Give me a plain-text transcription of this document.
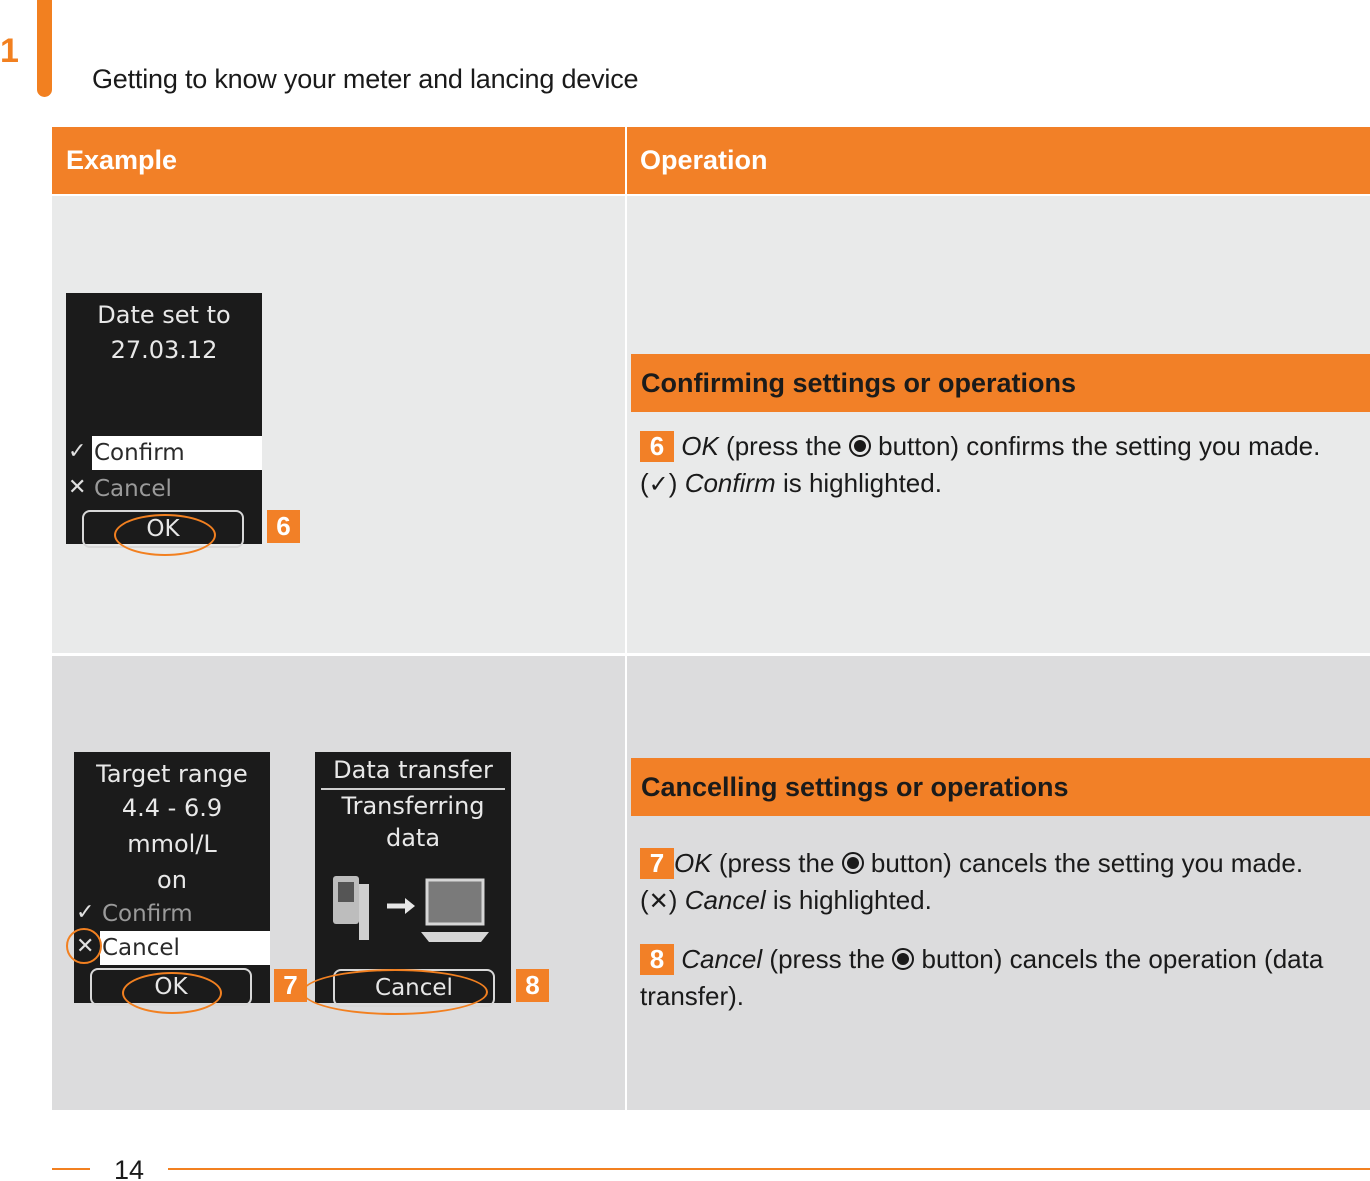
1
Getting to know your meter and lancing device
Example	Operation
Date set to
27.03.12
✓ Confirm
✕ Cancel
OK	6
Confirming settings or operations
6 OK (press the button) confirms the setting you made.
(✓) Confirm is highlighted.
Target range
4.4 - 6.9
mmol/L
on
✓ Confirm
✕ Cancel
OK	7
Data transfer
Transferring
data
Cancel	8
Cancelling settings or operations
7 OK (press the button) cancels the setting you made.
(✕) Cancel is highlighted.
8 Cancel (press the button) cancels the operation (data transfer).
14
